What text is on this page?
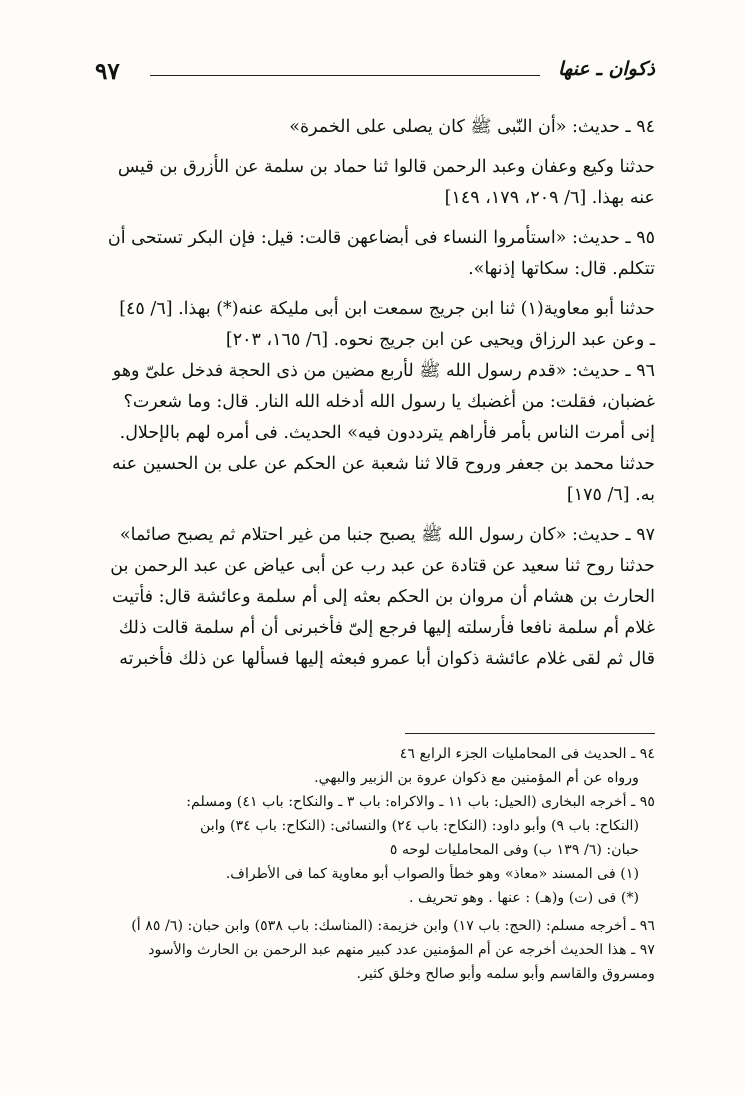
٩٧	ذكوان ـ عنها
٩٤ ـ حديث: «أن النّبى ﷺ كان يصلى على الخمرة»
حدثنا وكيع وعفان وعبد الرحمن قالوا ثنا حماد بن سلمة عن الأزرق بن قيس
عنه بهذا. [٦/ ٢٠٩، ١٧٩، ١٤٩]
٩٥ ـ حديث: «استأمروا النساء فى أبضاعهن قالت: قيل: فإن البكر تستحى أن
تتكلم. قال: سكاتها إذنها».
حدثنا أبو معاوية(١) ثنا ابن جريج سمعت ابن أبى مليكة عنه(*) بهذا. [٦/ ٤٥]
ـ وعن عبد الرزاق ويحيى عن ابن جريج نحوه. [٦/ ١٦٥، ٢٠٣]
٩٦ ـ حديث: «قدم رسول الله ﷺ لأربع مضين من ذى الحجة فدخل علىّ وهو
غضبان، فقلت: من أغضبك يا رسول الله أدخله الله النار. قال: وما شعرت؟
إنى أمرت الناس بأمر فأراهم يترددون فيه» الحديث. فى أمره لهم بالإحلال.
حدثنا محمد بن جعفر وروح قالا ثنا شعبة عن الحكم عن على بن الحسين عنه
به. [٦/ ١٧٥]
٩٧ ـ حديث: «كان رسول الله ﷺ يصبح جنبا من غير احتلام ثم يصبح صائما»
حدثنا روح ثنا سعيد عن قتادة عن عبد رب عن أبى عياض عن عبد الرحمن بن
الحارث بن هشام أن مروان بن الحكم بعثه إلى أم سلمة وعائشة قال: فأتيت
غلام أم سلمة نافعا فأرسلته إليها فرجع إلىّ فأخبرنى أن أم سلمة قالت ذلك
قال ثم لقى غلام عائشة ذكوان أبا عمرو فبعثه إليها فسألها عن ذلك فأخبرته
٩٤ ـ الحديث فى المحامليات الجزء الرابع ٤٦
ورواه عن أم المؤمنين مع ذكوان عروة بن الزبير والبهي.
٩٥ ـ أخرجه البخارى (الحيل: باب ١١ ـ والاكراه: باب ٣ ـ والنكاح: باب ٤١) ومسلم:
(النكاح: باب ٩) وأبو داود: (النكاح: باب ٢٤) والنسائى: (النكاح: باب ٣٤) وابن
حبان: (٦/ ١٣٩ ب) وفى المحامليات لوحه ٥
(١) فى المسند «معاذ» وهو خطأ والصواب أبو معاوية كما فى الأطراف.
(*) فى (ت) و(هـ) : عنها . وهو تحريف .
٩٦ ـ أخرجه مسلم: (الحج: باب ١٧) وابن خزيمة: (المناسك: باب ٥٣٨) وابن حبان: (٦/ ٨٥ أ)
٩٧ ـ هذا الحديث أخرجه عن أم المؤمنين عدد كبير منهم عبد الرحمن بن الحارث والأسود
ومسروق والقاسم وأبو سلمه وأبو صالح وخلق كثير.
